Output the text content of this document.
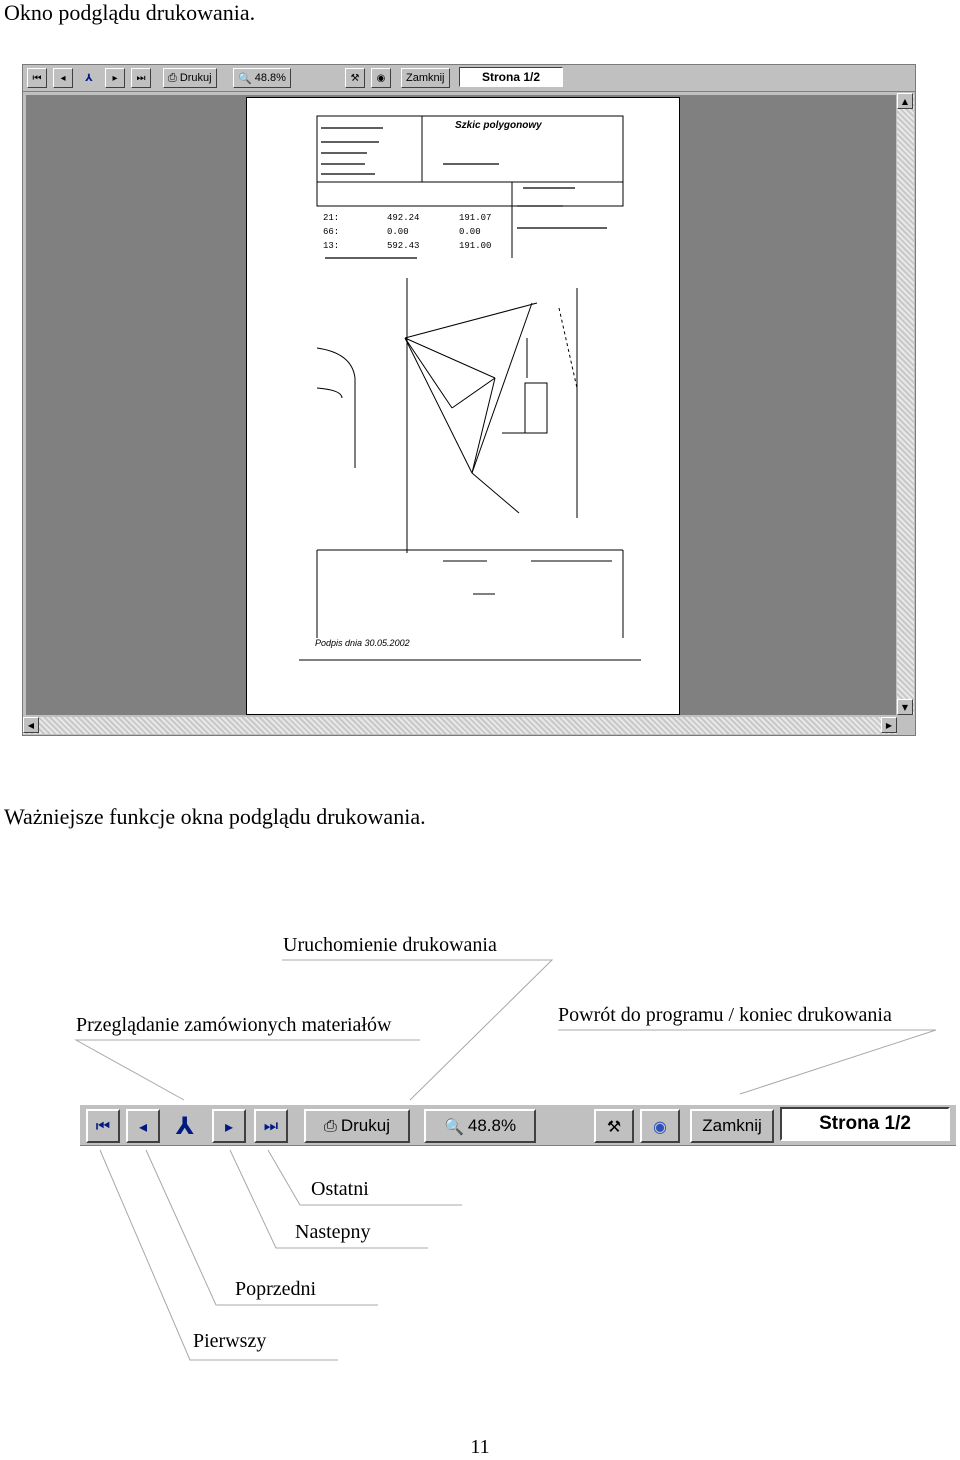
Okno podglądu drukowania.
⏮ ◂ ⅄ ▸ ⏭ ⎙ Drukuj 🔍 48.8%	⚒ ◉ Zamknij	Strona 1/2
Szkic polygonowy
21:	492.24	191.07
66:	0.00	0.00
13:	592.43	191.00
Podpis dnia 30.05.2002
▲
▼
◀	▶
Ważniejsze funkcje okna podglądu drukowania.
Uruchomienie drukowania
Przeglądanie zamówionych materiałów	Powrót do programu / koniec drukowania
Ostatni
Nastepny
Poprzedni
Pierwszy
⏮ ◂ ⅄ ▸ ⏭	⎙ Drukuj	🔍 48.8%	⚒ ◉ Zamknij	Strona 1/2
11
